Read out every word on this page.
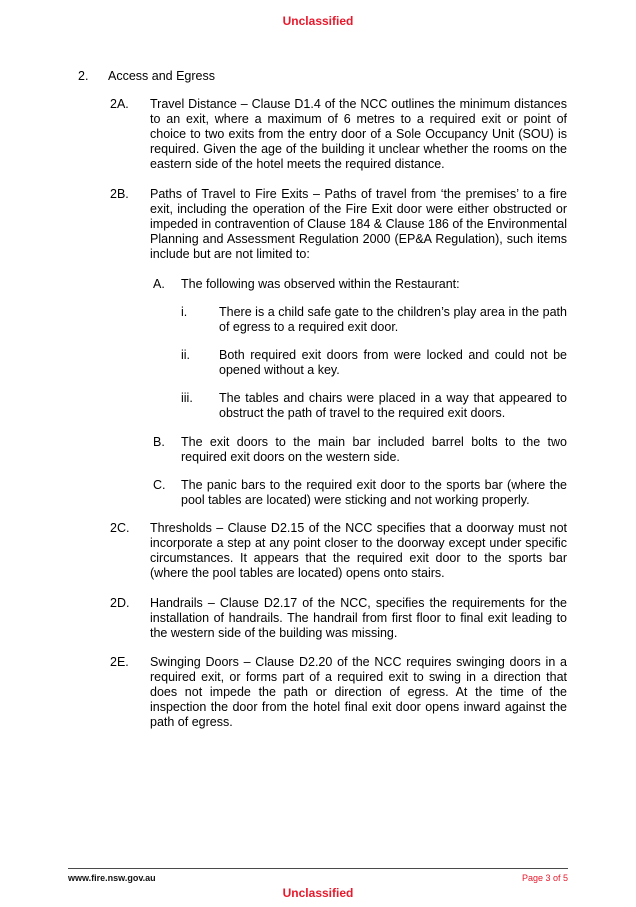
Unclassified
2. Access and Egress
2A. Travel Distance – Clause D1.4 of the NCC outlines the minimum distances to an exit, where a maximum of 6 metres to a required exit or point of choice to two exits from the entry door of a Sole Occupancy Unit (SOU) is required. Given the age of the building it unclear whether the rooms on the eastern side of the hotel meets the required distance.
2B. Paths of Travel to Fire Exits – Paths of travel from ‘the premises’ to a fire exit, including the operation of the Fire Exit door were either obstructed or impeded in contravention of Clause 184 & Clause 186 of the Environmental Planning and Assessment Regulation 2000 (EP&A Regulation), such items include but are not limited to:
A. The following was observed within the Restaurant:
i.	There is a child safe gate to the children’s play area in the path of egress to a required exit door.
ii. Both required exit doors from were locked and could not be opened without a key.
iii. The tables and chairs were placed in a way that appeared to obstruct the path of travel to the required exit doors.
B. The exit doors to the main bar included barrel bolts to the two required exit doors on the western side.
C. The panic bars to the required exit door to the sports bar (where the pool tables are located) were sticking and not working properly.
2C. Thresholds – Clause D2.15 of the NCC specifies that a doorway must not incorporate a step at any point closer to the doorway except under specific circumstances. It appears that the required exit door to the sports bar (where the pool tables are located) opens onto stairs.
2D. Handrails – Clause D2.17 of the NCC, specifies the requirements for the installation of handrails. The handrail from first floor to final exit leading to the western side of the building was missing.
2E. Swinging Doors – Clause D2.20 of the NCC requires swinging doors in a required exit, or forms part of a required exit to swing in a direction that does not impede the path or direction of egress. At the time of the inspection the door from the hotel final exit door opens inward against the path of egress.
www.fire.nsw.gov.au	Page 3 of 5
Unclassified
